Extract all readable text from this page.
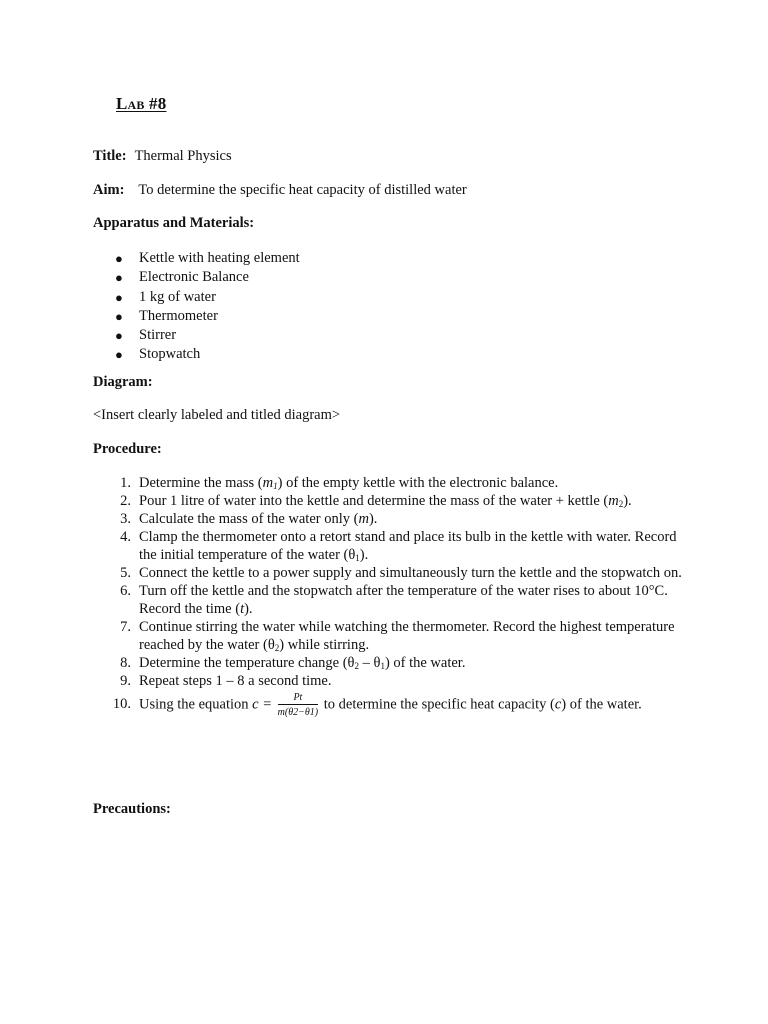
Lab #8

Title: Thermal Physics

Aim: To determine the specific heat capacity of distilled water

Apparatus and Materials:

● Kettle with heating element
● Electronic Balance
● 1 kg of water
● Thermometer
● Stirrer
● Stopwatch

Diagram:

<Insert clearly labeled and titled diagram>

Procedure:

1. Determine the mass $(m_1)$ of the empty kettle with the electronic balance.
2. Pour 1 litre of water into the kettle and determine the mass of the water + kettle $(m_2)$.
3. Calculate the mass of the water only (m).
4. Clamp the thermometer onto a retort stand and place its bulb in the kettle with water. Record the initial temperature of the water $(\theta_1)$.
5. Connect the kettle to a power supply and simultaneously turn the kettle and the stopwatch on.
6. Turn off the kettle and the stopwatch after the temperature of the water rises to about 10°C. Record the time (t).
7. Continue stirring the water while watching the thermometer. Record the highest temperature reached by the water $(\theta_2)$ while stirring.
8. Determine the temperature change $(\theta_2 - \theta_1)$ of the water.
9. Repeat steps 1 – 8 a second time.
10. Using the equation $c = \frac{Pt}{m(\theta 2-\theta 1)}$ to determine the specific heat capacity (c) of the water.

Precautions:
